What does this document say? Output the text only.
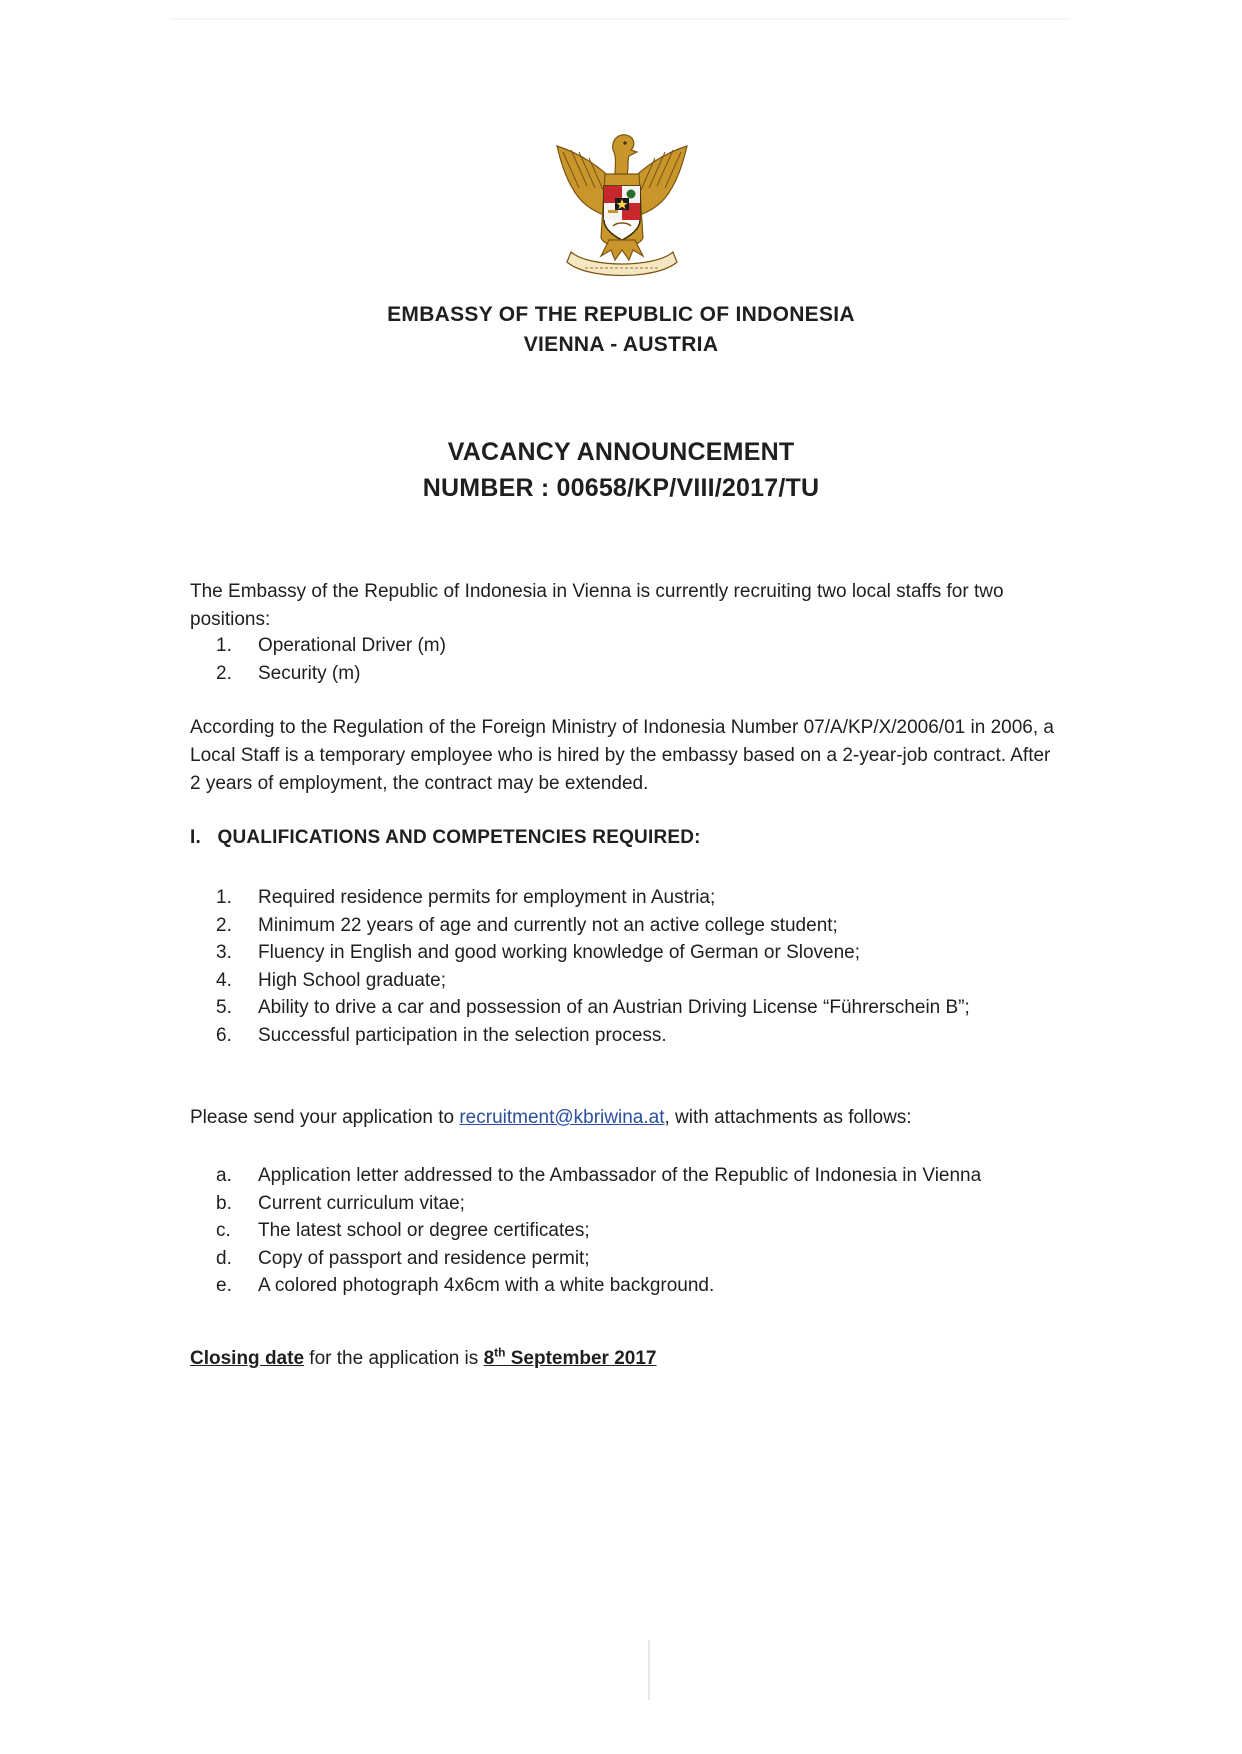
EMBASSY OF THE REPUBLIC OF INDONESIA
VIENNA - AUSTRIA
VACANCY ANNOUNCEMENT
NUMBER : 00658/KP/VIII/2017/TU

The Embassy of the Republic of Indonesia in Vienna is currently recruiting two local staffs for two positions:

1. Operational Driver (m)
2. Security (m)

According to the Regulation of the Foreign Ministry of Indonesia Number 07/A/KP/X/2006/01 in 2006, a Local Staff is a temporary employee who is hired by the embassy based on a 2-year-job contract. After 2 years of employment, the contract may be extended.

I. QUALIFICATIONS AND COMPETENCIES REQUIRED:
1. Required residence permits for employment in Austria;
2. Minimum 22 years of age and currently not an active college student;
3. Fluency in English and good working knowledge of German or Slovene;
4. High School graduate;
5. Ability to drive a car and possession of an Austrian Driving License “Führerschein B”;
6. Successful participation in the selection process.

Please send your application to recruitment@kbriwina.at, with attachments as follows:

a. Application letter addressed to the Ambassador of the Republic of Indonesia in Vienna
b. Current curriculum vitae;
c. The latest school or degree certificates;
d. Copy of passport and residence permit;
e. A colored photograph 4x6cm with a white background.

Closing date for the application is 8th September 2017
